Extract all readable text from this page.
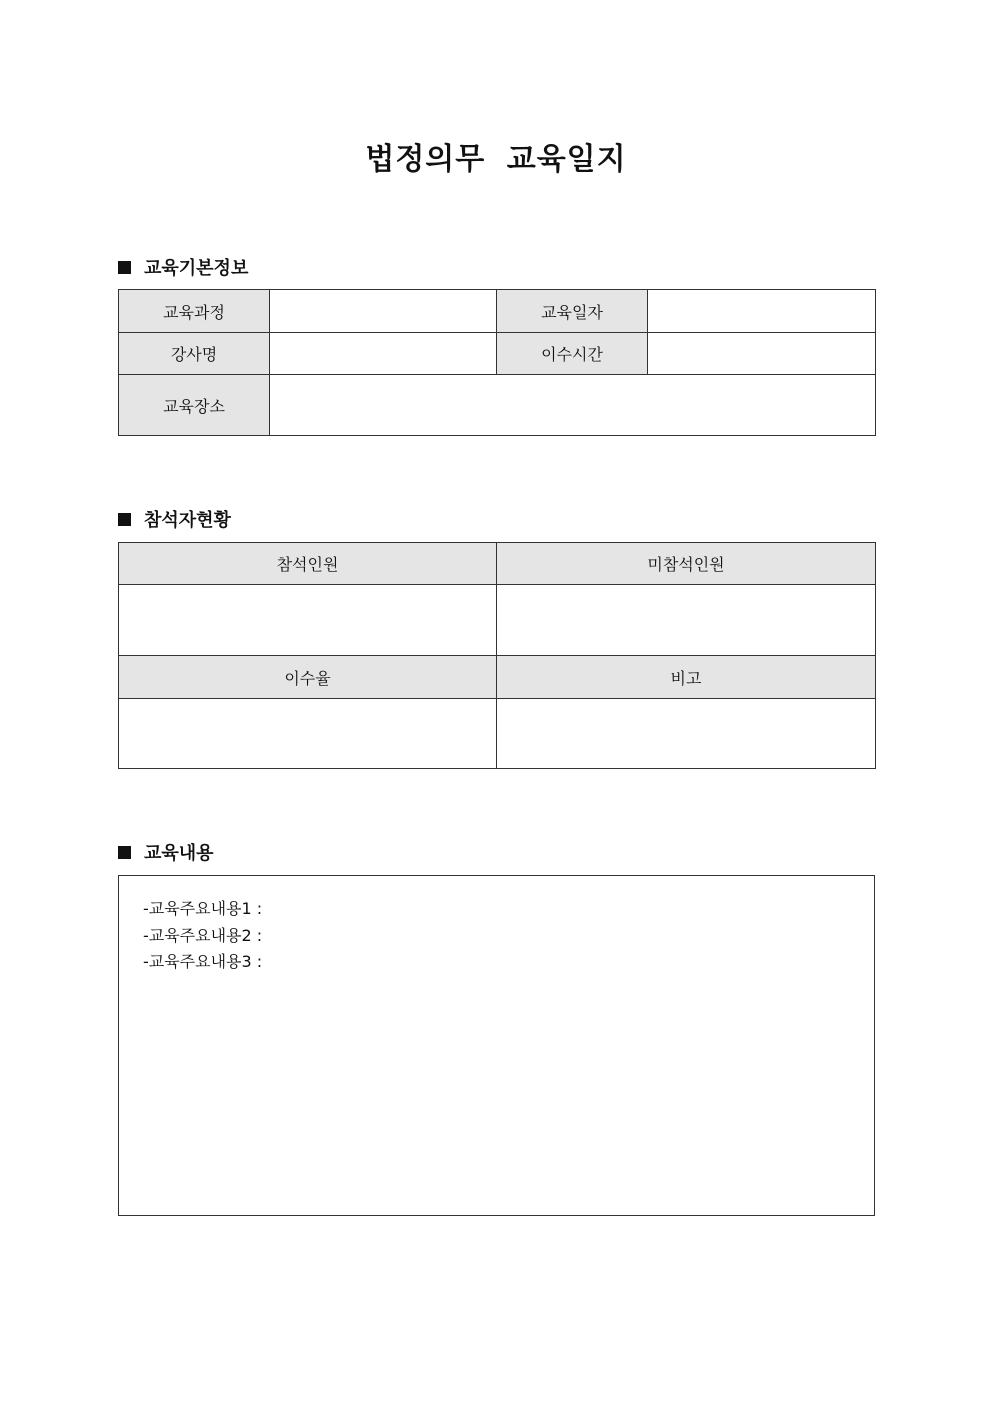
법정의무 교육일지
교육기본정보
교육과정		교육일자	
강사명		이수시간	
교육장소			
참석자현황
참석인원	미참석인원

이수율	비고

교육내용
-교육주요내용1 :
-교육주요내용2 :
-교육주요내용3 :
